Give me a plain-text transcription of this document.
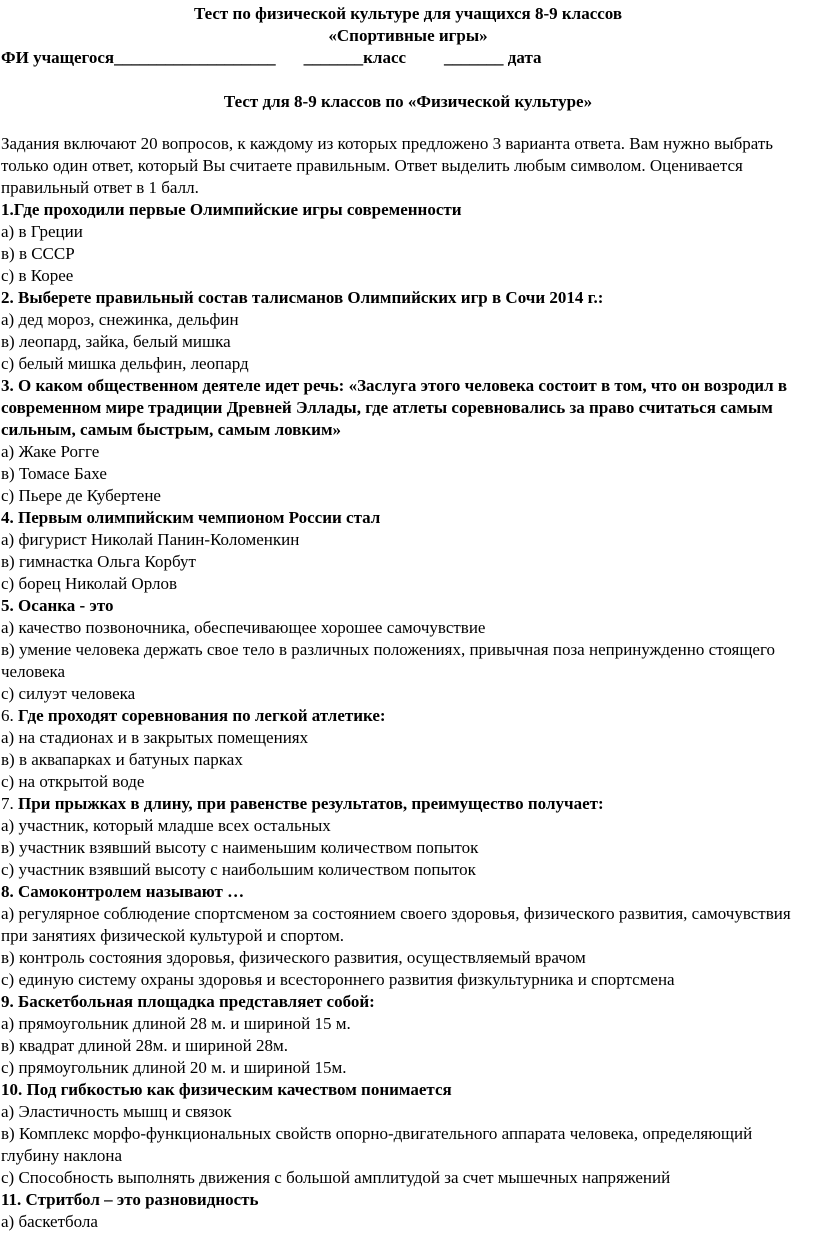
Тест по физической культуре для учащихся 8-9 классов
«Спортивные игры»
ФИ учащегося___________________ _______класс _______ дата
Тест для 8-9 классов по «Физической культуре»

Задания включают 20 вопросов, к каждому из которых предложено 3 варианта ответа. Вам нужно выбрать только один ответ, который Вы считаете правильным. Ответ выделить любым символом. Оценивается правильный ответ в 1 балл.

1.Где проходили первые Олимпийские игры современности

а) в Греции

в) в СССР

с) в Корее

2. Выберете правильный состав талисманов Олимпийских игр в Сочи 2014 г.:

а) дед мороз, снежинка, дельфин

в) леопард, зайка, белый мишка

с) белый мишка дельфин, леопард

3. О каком общественном деятеле идет речь: «Заслуга этого человека состоит в том, что он возродил в современном мире традиции Древней Эллады, где атлеты соревновались за право считаться самым сильным, самым быстрым, самым ловким»

а) Жаке Рогге

в) Томасе Бахе

с) Пьере де Кубертене

4. Первым олимпийским чемпионом России стал

а) фигурист Николай Панин-Коломенкин

в) гимнастка Ольга Корбут

с) борец Николай Орлов

5. Осанка - это

а) качество позвоночника, обеспечивающее хорошее самочувствие

в) умение человека держать свое тело в различных положениях, привычная поза непринужденно стоящего человека

с) силуэт человека

6. Где проходят соревнования по легкой атлетике:

а) на стадионах и в закрытых помещениях

в) в аквапарках и батуных парках

с) на открытой воде

7. При прыжках в длину, при равенстве результатов, преимущество получает:

а) участник, который младше всех остальных

в) участник взявший высоту с наименьшим количеством попыток

с) участник взявший высоту с наибольшим количеством попыток

8. Самоконтролем называют …

а) регулярное соблюдение спортсменом за состоянием своего здоровья, физического развития, самочувствия при занятиях физической культурой и спортом.

в) контроль состояния здоровья, физического развития, осуществляемый врачом

с) единую систему охраны здоровья и всестороннего развития физкультурника и спортсмена

9. Баскетбольная площадка представляет собой:

а) прямоугольник длиной 28 м. и шириной 15 м.

в) квадрат длиной 28м. и шириной 28м.

с) прямоугольник длиной 20 м. и шириной 15м.

10. Под гибкостью как физическим качеством понимается

а) Эластичность мышц и связок

в) Комплекс морфо-функциональных свойств опорно-двигательного аппарата человека, определяющий глубину наклона

с) Способность выполнять движения с большой амплитудой за счет мышечных напряжений

11. Стритбол – это разновидность

а) баскетбола
